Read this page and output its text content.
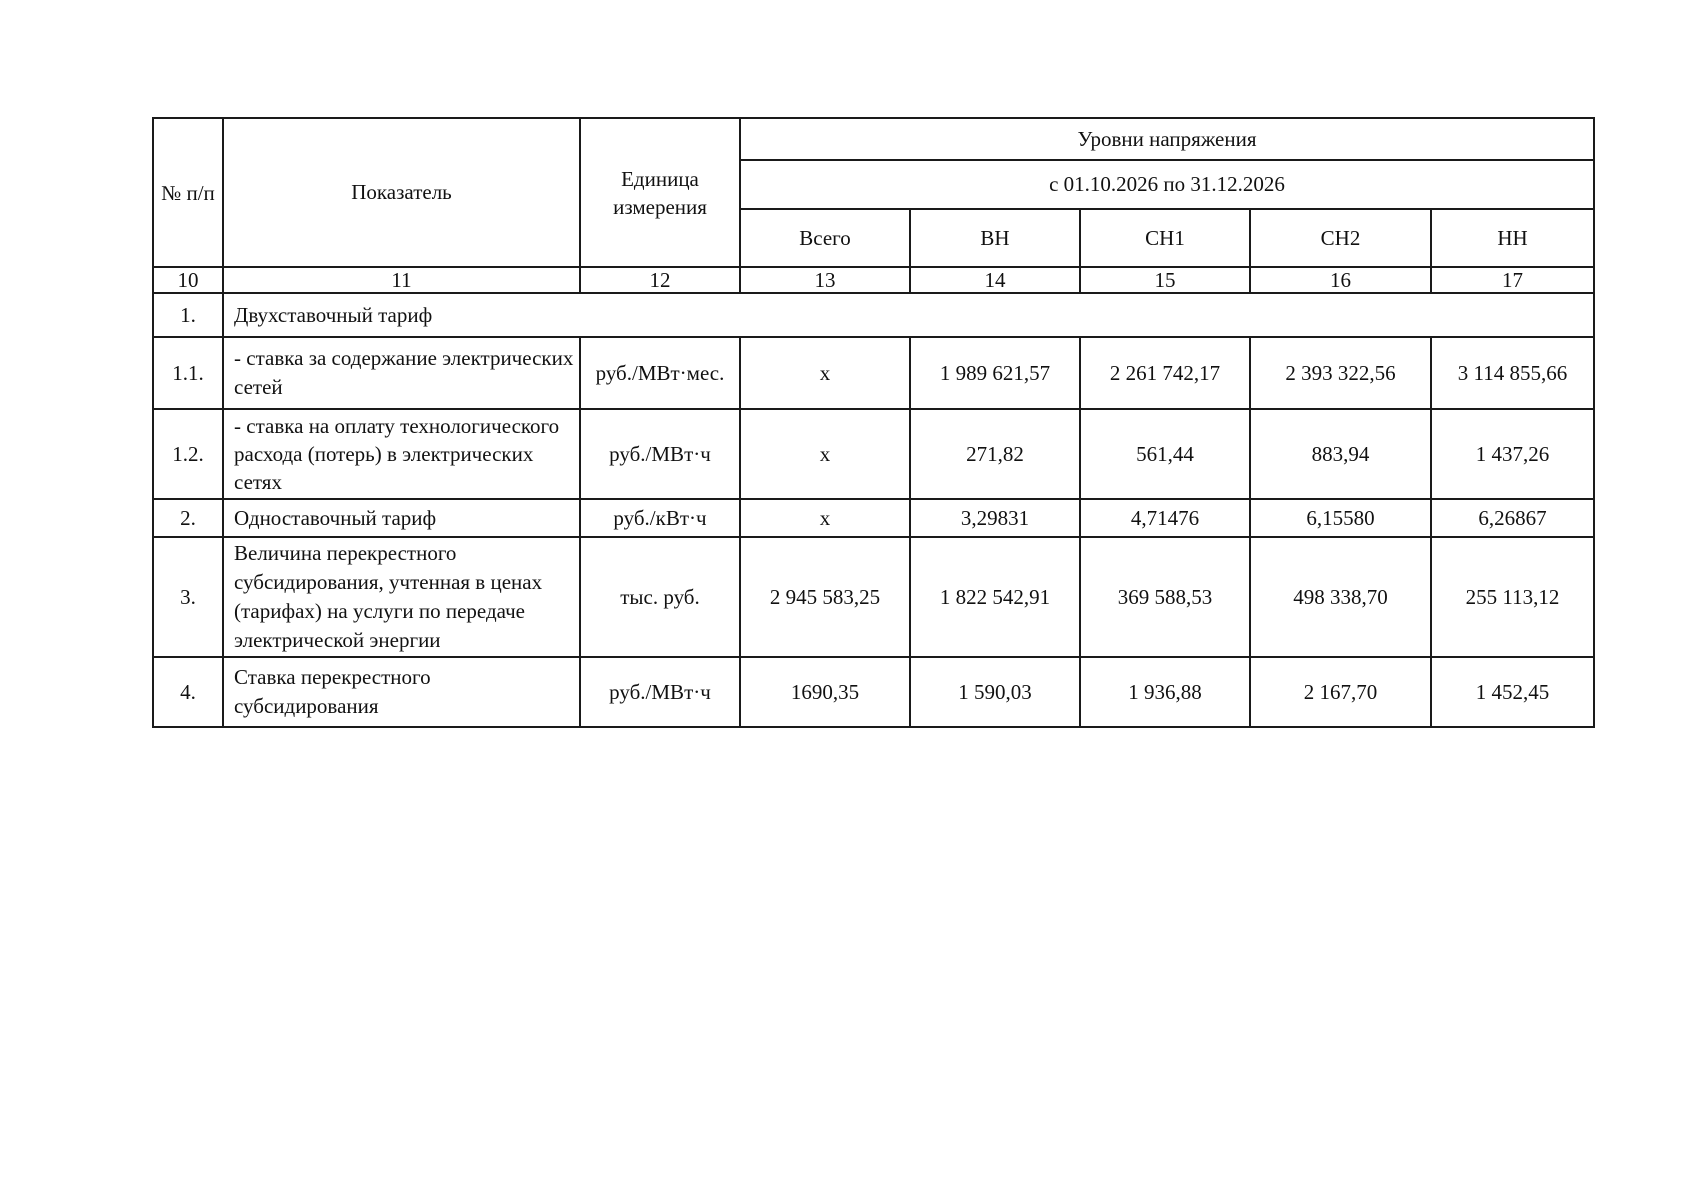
№ п/п	Показатель	Единица измерения	Уровни напряжения				
			с 01.10.2026 по 31.12.2026				
			Всего	ВН	СН1	СН2	НН
10	11	12	13	14	15	16	17
1.	Двухставочный тариф						
1.1.	- ставка за содержание электрических сетей	руб./МВт·мес.	х	1 989 621,57	2 261 742,17	2 393 322,56	3 114 855,66
1.2.	- ставка на оплату технологического расхода (потерь) в электрических сетях	руб./МВт·ч	х	271,82	561,44	883,94	1 437,26
2.	Одноставочный тариф	руб./кВт·ч	х	3,29831	4,71476	6,15580	6,26867
3.	Величина перекрестного субсидирования, учтенная в ценах (тарифах) на услуги по передаче электрической энергии	тыс. руб.	2 945 583,25	1 822 542,91	369 588,53	498 338,70	255 113,12
4.	Ставка перекрестного субсидирования	руб./МВт·ч	1690,35	1 590,03	1 936,88	2 167,70	1 452,45
